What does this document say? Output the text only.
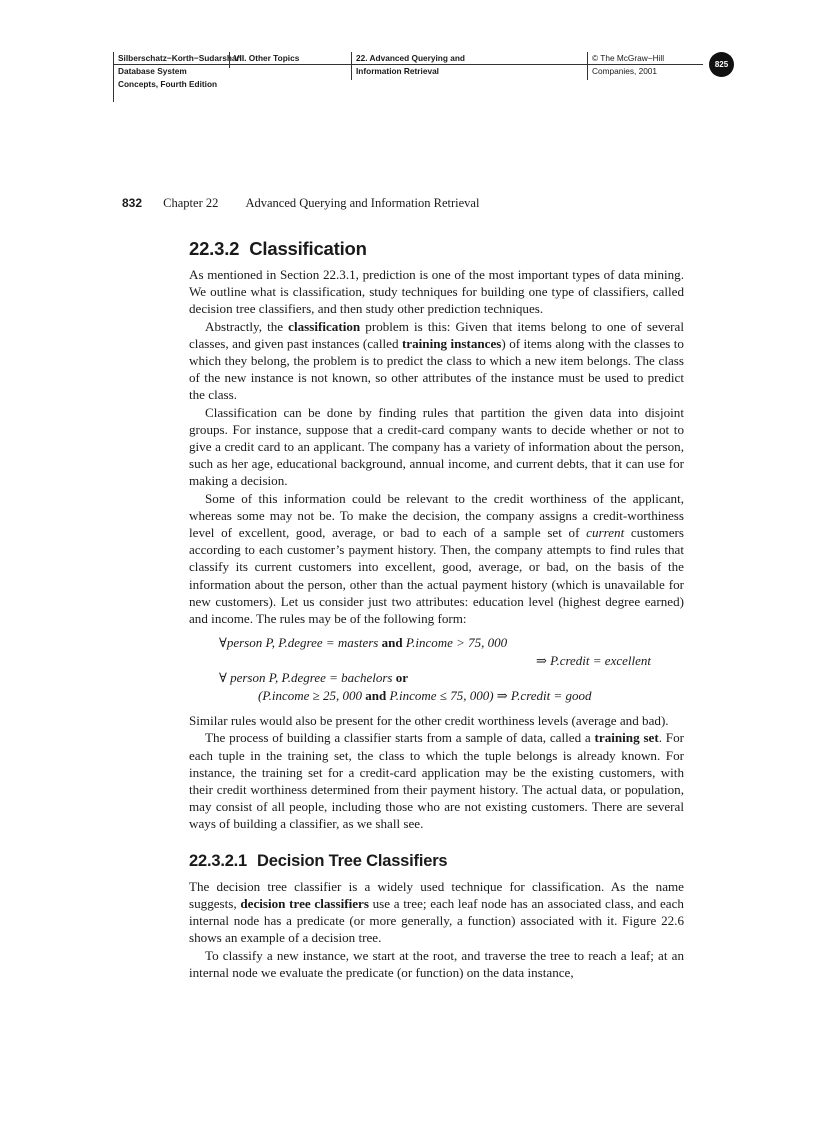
Silberschatz−Korth−Sudarshan:
Database System
Concepts, Fourth Edition
VII. Other Topics	22. Advanced Querying and
Information Retrieval
© The McGraw−Hill
Companies, 2001
825
832 Chapter 22 Advanced Querying and Information Retrieval
22.3.2 Classification

As mentioned in Section 22.3.1, prediction is one of the most important types of data mining. We outline what is classification, study techniques for building one type of classifiers, called decision tree classifiers, and then study other prediction techniques.

Abstractly, the classification problem is this: Given that items belong to one of several classes, and given past instances (called training instances) of items along with the classes to which they belong, the problem is to predict the class to which a new item belongs. The class of the new instance is not known, so other attributes of the instance must be used to predict the class.

Classification can be done by finding rules that partition the given data into disjoint groups. For instance, suppose that a credit-card company wants to decide whether or not to give a credit card to an applicant. The company has a variety of information about the person, such as her age, educational background, annual income, and current debts, that it can use for making a decision.

Some of this information could be relevant to the credit worthiness of the applicant, whereas some may not be. To make the decision, the company assigns a credit-worthiness level of excellent, good, average, or bad to each of a sample set of current customers according to each customer’s payment history. Then, the company attempts to find rules that classify its current customers into excellent, good, average, or bad, on the basis of the information about the person, other than the actual payment history (which is unavailable for new customers). Let us consider just two attributes: education level (highest degree earned) and income. The rules may be of the following form:

∀person P, P.degree = masters and P.income > 75, 000
⇒ P.credit = excellent
∀ person P, P.degree = bachelors or
(P.income ≥ 25, 000 and P.income ≤ 75, 000) ⇒ P.credit = good

Similar rules would also be present for the other credit worthiness levels (average and bad).

The process of building a classifier starts from a sample of data, called a training set. For each tuple in the training set, the class to which the tuple belongs is already known. For instance, the training set for a credit-card application may be the existing customers, with their credit worthiness determined from their payment history. The actual data, or population, may consist of all people, including those who are not existing customers. There are several ways of building a classifier, as we shall see.

22.3.2.1 Decision Tree Classifiers

The decision tree classifier is a widely used technique for classification. As the name suggests, decision tree classifiers use a tree; each leaf node has an associated class, and each internal node has a predicate (or more generally, a function) associated with it. Figure 22.6 shows an example of a decision tree.

To classify a new instance, we start at the root, and traverse the tree to reach a leaf; at an internal node we evaluate the predicate (or function) on the data instance,
